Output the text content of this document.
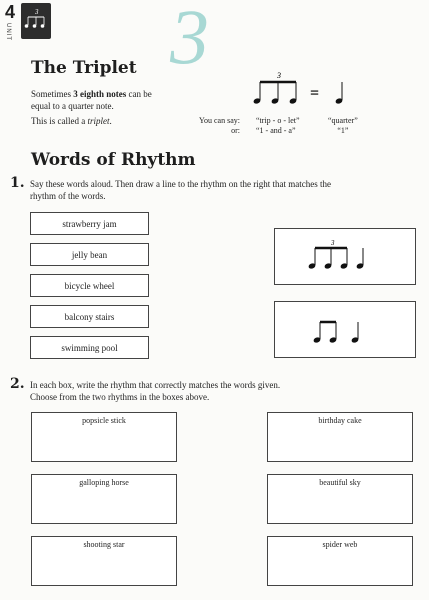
4
UNIT
3 3
The Triplet
Sometimes 3 eighth notes can be
equal to a quarter note.
This is called a triplet.
3
=
You can say:
or:
“trip - o - let”
“1 - and - a”
“quarter”
“1”
Words of Rhythm
1. Say these words aloud. Then draw a line to the rhythm on the right that matches the
rhythm of the words.
strawberry jam
jelly bean
bicycle wheel
balcony stairs
swimming pool
3
2. In each box, write the rhythm that correctly matches the words given.
Choose from the two rhythms in the boxes above.
popsicle stick	birthday cake
galloping horse	beautiful sky
shooting star	spider web
